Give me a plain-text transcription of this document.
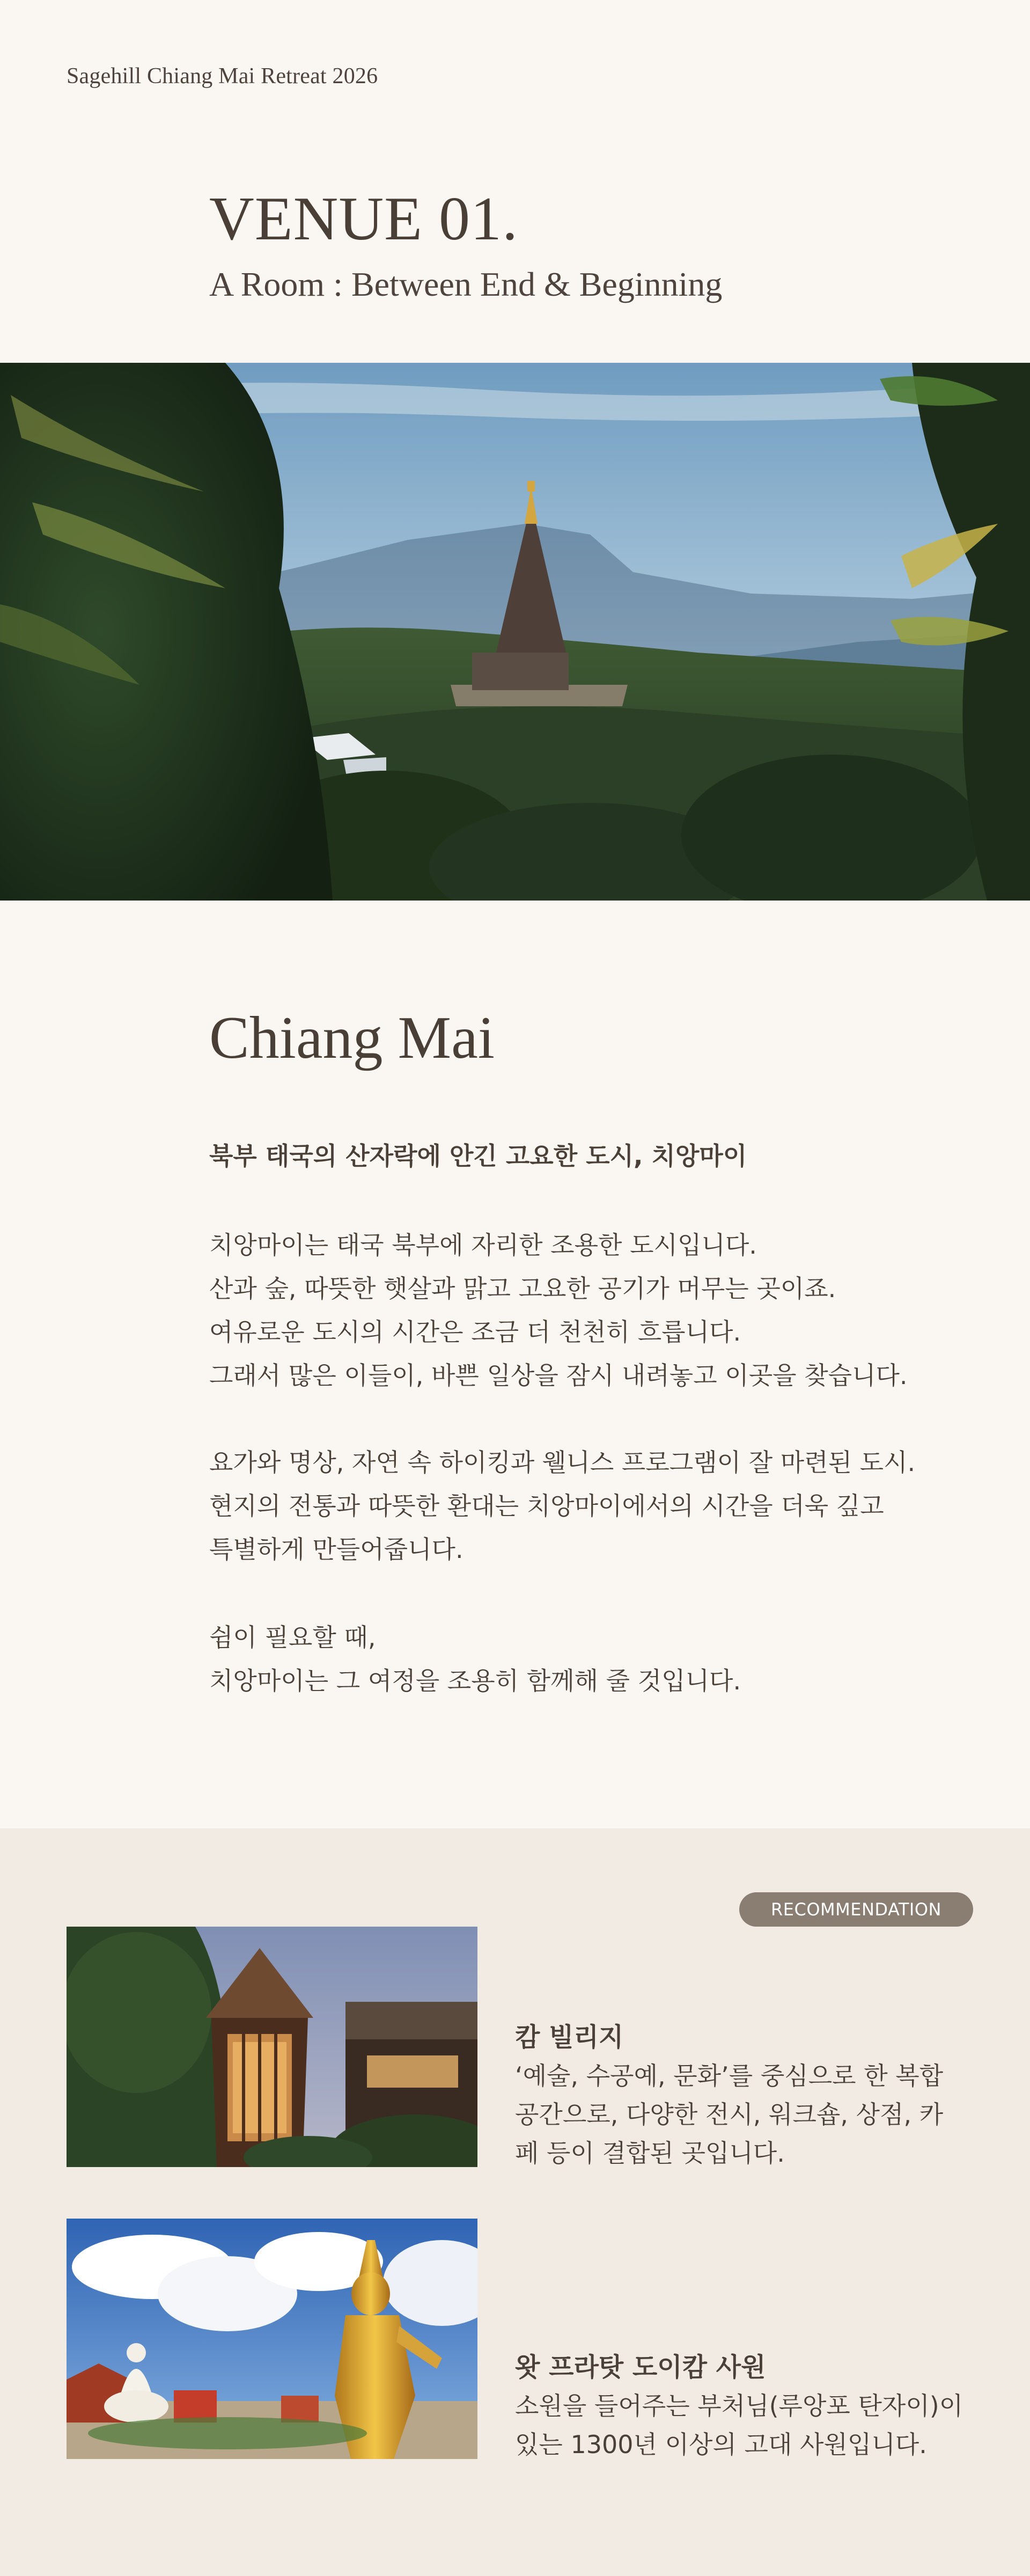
Sagehill Chiang Mai Retreat 2026
VENUE 01.
A Room : Between End & Beginning
Chiang Mai
북부 태국의 산자락에 안긴 고요한 도시, 치앙마이
치앙마이는 태국 북부에 자리한 조용한 도시입니다.
산과 숲, 따뜻한 햇살과 맑고 고요한 공기가 머무는 곳이죠.
여유로운 도시의 시간은 조금 더 천천히 흐릅니다.
그래서 많은 이들이, 바쁜 일상을 잠시 내려놓고 이곳을 찾습니다.
요가와 명상, 자연 속 하이킹과 웰니스 프로그램이 잘 마련된 도시.
현지의 전통과 따뜻한 환대는 치앙마이에서의 시간을 더욱 깊고
특별하게 만들어줍니다.
쉼이 필요할 때,
치앙마이는 그 여정을 조용히 함께해 줄 것입니다.
RECOMMENDATION
캄 빌리지
‘예술, 수공예, 문화’를 중심으로 한 복합
공간으로, 다양한 전시, 워크숍, 상점, 카
페 등이 결합된 곳입니다.
왓 프라탓 도이캄 사원
소원을 들어주는 부처님(루앙포 탄자이)이
있는 1300년 이상의 고대 사원입니다.
